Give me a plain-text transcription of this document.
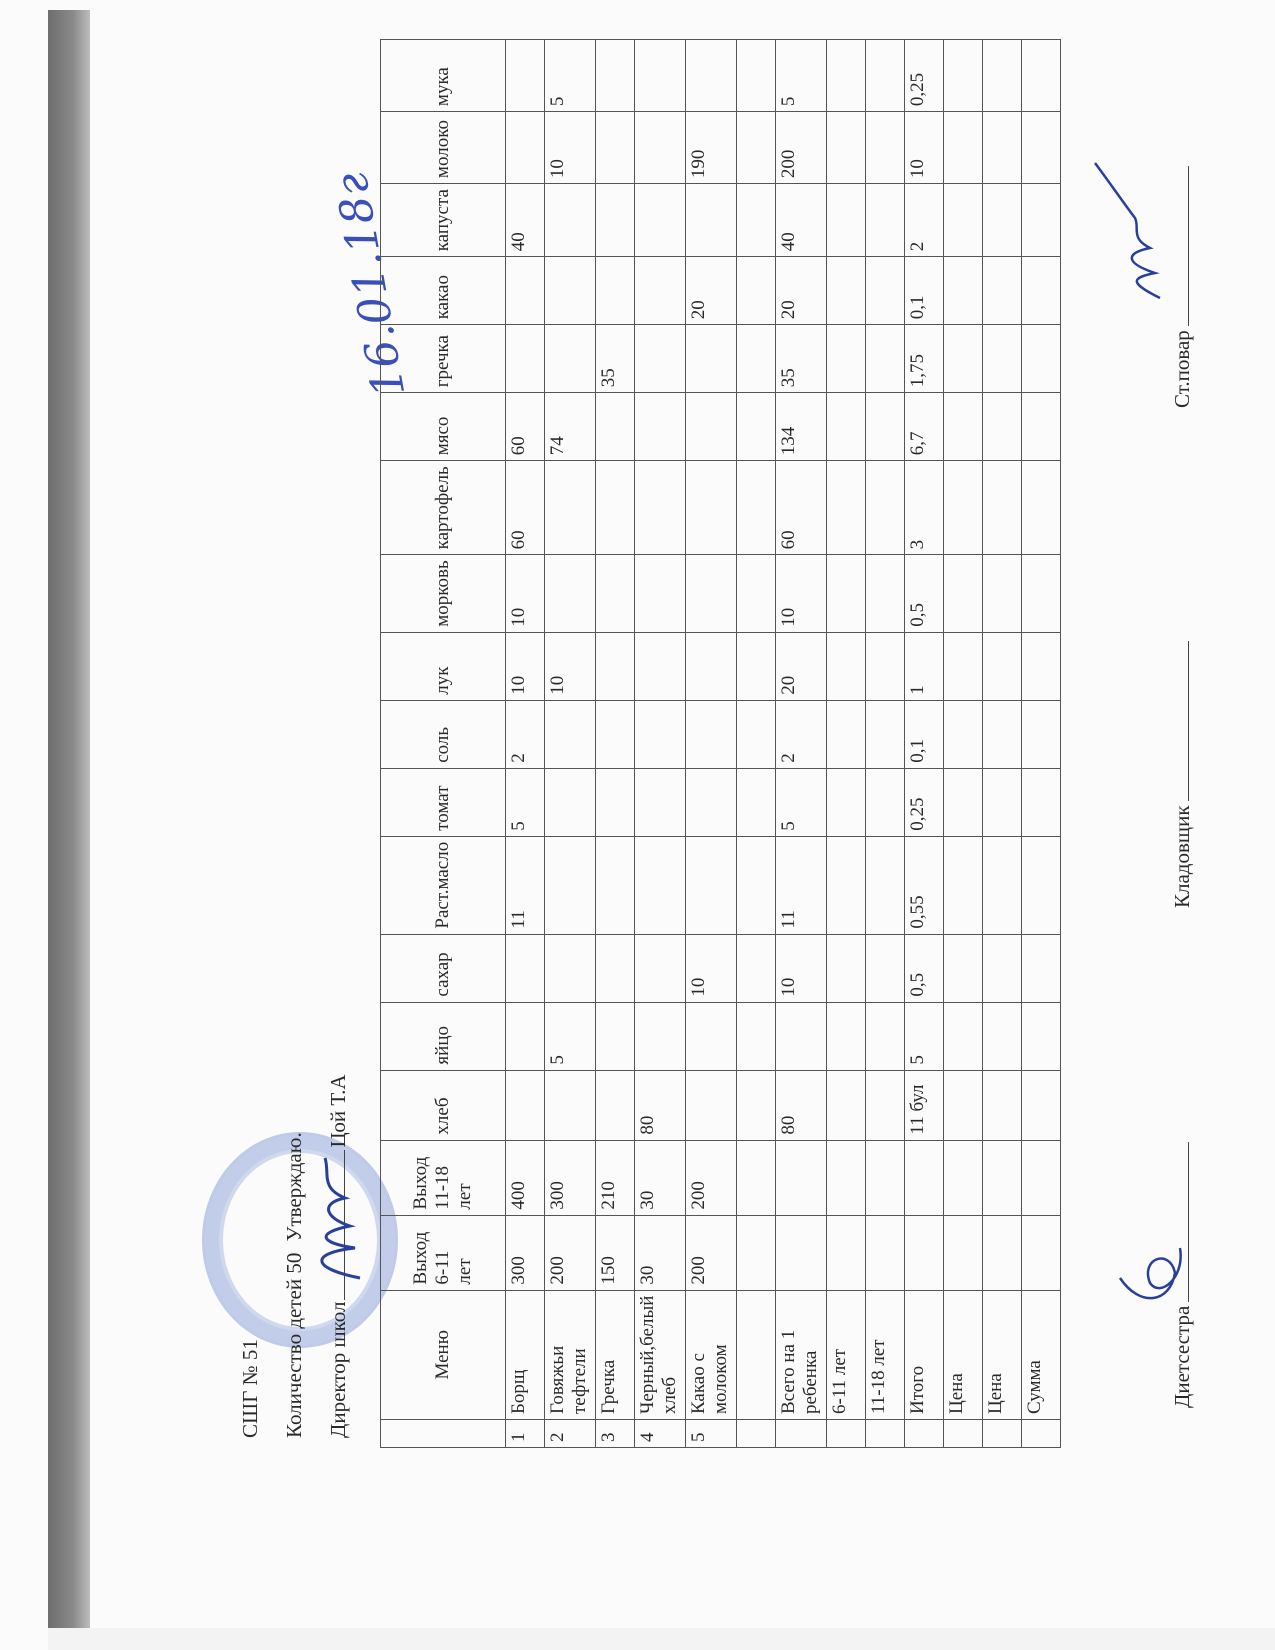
СШГ № 51 Количество детей 50 Утверждаю.
Директор школЦой Т.А
16.01.18г
	Меню	Выход 6-11 лет	Выход 11-18 лет	хлеб	яйцо	сахар	Раст.масло	томат	соль	лук	морковь	картофель	мясо	гречка	какао	капуста	молоко	мука
1	Борщ	300	400				11	5	2	10	10	60	60			40		
2	Говяжьи тефтели	200	300		5					10			74				10	5
3	Гречка	150	210											35				
4	Черный,белый хлеб	30	30	80														
5	Какао с молоком	200	200			10									20		190	

	Всего на 1 ребенка			80		10	11	5	2	20	10	60	134	35	20	40	200	5
	6-11 лет																	
	11-18 лет																	
	Итого			11 бул	5	0,5	0,55	0,25	0,1	1	0,5	3	6,7	1,75	0,1	2	10	0,25
	Цена																	
	Цена																	
	Сумма																		Диетсестра
Кладовщик
Ст.повар
